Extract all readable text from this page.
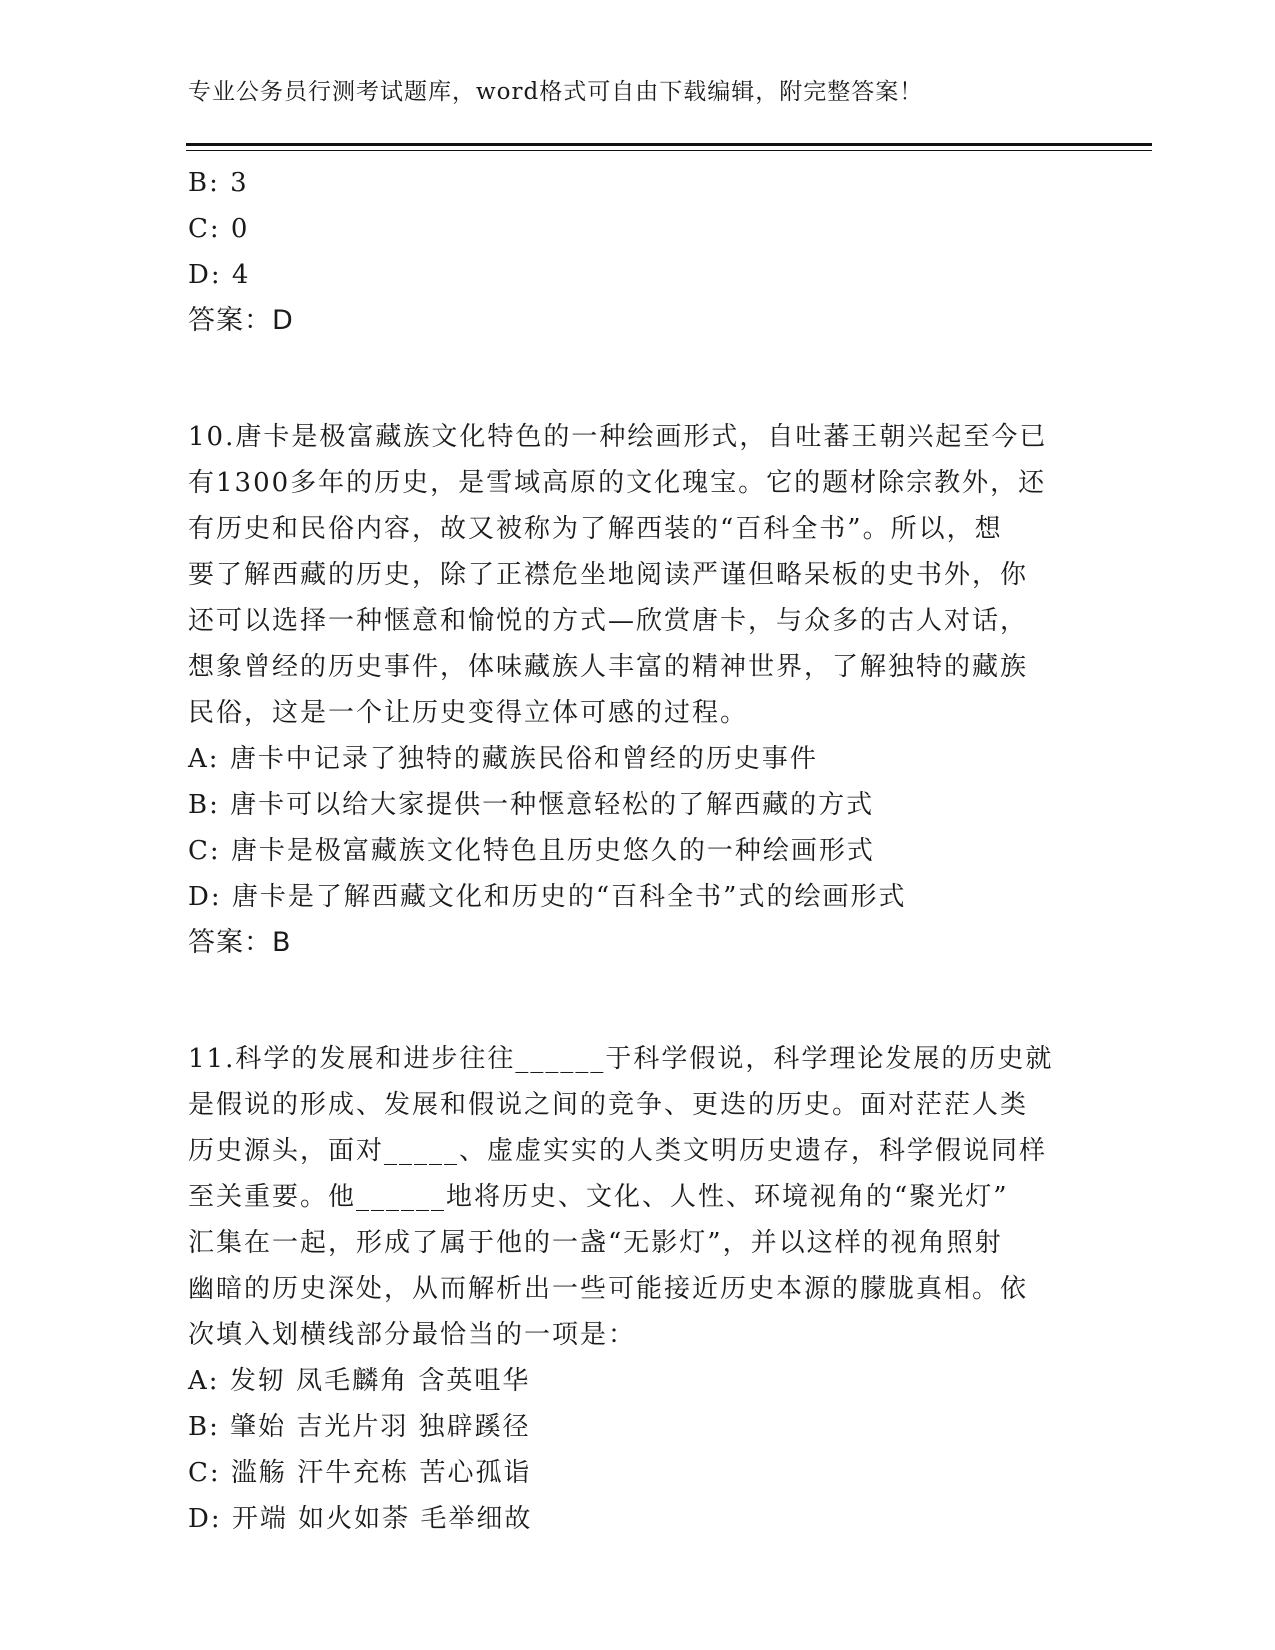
专业公务员行测考试题库，word格式可自由下载编辑，附完整答案！
B: 3
C: 0
D: 4
答案：D
10.唐卡是极富藏族文化特色的一种绘画形式，自吐蕃王朝兴起至今已
有1300多年的历史，是雪域高原的文化瑰宝。它的题材除宗教外，还
有历史和民俗内容，故又被称为了解西装的“百科全书”。所以，想
要了解西藏的历史，除了正襟危坐地阅读严谨但略呆板的史书外，你
还可以选择一种惬意和愉悦的方式—欣赏唐卡，与众多的古人对话，
想象曾经的历史事件，体味藏族人丰富的精神世界，了解独特的藏族
民俗，这是一个让历史变得立体可感的过程。
A: 唐卡中记录了独特的藏族民俗和曾经的历史事件
B: 唐卡可以给大家提供一种惬意轻松的了解西藏的方式
C: 唐卡是极富藏族文化特色且历史悠久的一种绘画形式
D: 唐卡是了解西藏文化和历史的“百科全书”式的绘画形式
答案：B
11.科学的发展和进步往往______于科学假说，科学理论发展的历史就
是假说的形成、发展和假说之间的竞争、更迭的历史。面对茫茫人类
历史源头，面对_____、虚虚实实的人类文明历史遗存，科学假说同样
至关重要。他______地将历史、文化、人性、环境视角的“聚光灯”
汇集在一起，形成了属于他的一盏“无影灯”，并以这样的视角照射
幽暗的历史深处，从而解析出一些可能接近历史本源的朦胧真相。依
次填入划横线部分最恰当的一项是：
A: 发轫 凤毛麟角 含英咀华
B: 肇始 吉光片羽 独辟蹊径
C: 滥觞 汗牛充栋 苦心孤诣
D: 开端 如火如荼 毛举细故
